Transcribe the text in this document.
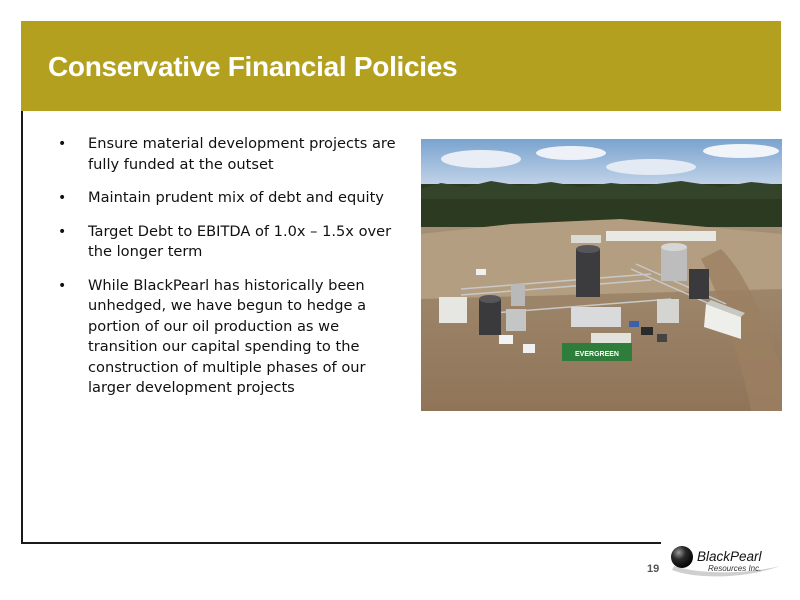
Conservative Financial Policies
• Ensure material development projects are fully funded at the outset
• Maintain prudent mix of debt and equity
• Target Debt to EBITDA of 1.0x – 1.5x over the longer term
• While BlackPearl has historically been unhedged, we have begun to hedge a portion of our oil production as we transition our capital spending to the construction of multiple phases of our larger development projects
EVERGREEN
19
BlackPearl
Resources Inc.
